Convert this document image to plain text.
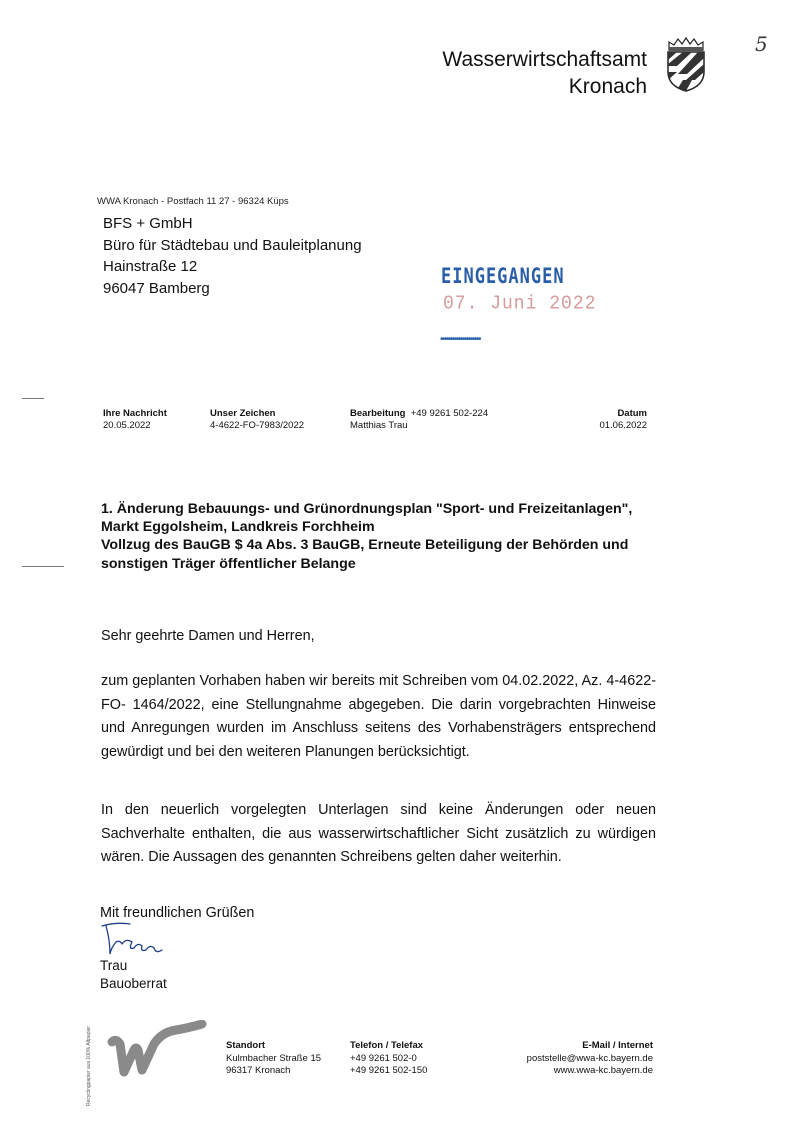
Wasserwirtschaftsamt
Kronach
5
WWA Kronach - Postfach 11 27 - 96324 Küps
BFS + GmbH
Büro für Städtebau und Bauleitplanung
Hainstraße 12
96047 Bamberg	EINGEGANGEN
07. Juni 2022
••••••••••••••••••••
Ihre Nachricht
20.05.2022
Unser Zeichen
4-4622-FO-7983/2022
Bearbeitung +49 9261 502-224
Matthias Trau
Datum
01.06.2022
1. Änderung Bebauungs- und Grünordnungsplan "Sport- und Freizeitanlagen",
Markt Eggolsheim, Landkreis Forchheim
Vollzug des BauGB $ 4a Abs. 3 BauGB, Erneute Beteiligung der Behörden und
sonstigen Träger öffentlicher Belange
Sehr geehrte Damen und Herren,
zum geplanten Vorhaben haben wir bereits mit Schreiben vom 04.02.2022, Az. 4-4622-FO- 1464/2022, eine Stellungnahme abgegeben. Die darin vorgebrachten Hinweise und Anregungen wurden im Anschluss seitens des Vorhabensträgers entsprechend gewürdigt und bei den weiteren Planungen berücksichtigt.
In den neuerlich vorgelegten Unterlagen sind keine Änderungen oder neuen Sachverhalte enthalten, die aus wasserwirtschaftlicher Sicht zusätzlich zu würdigen wären. Die Aussagen des genannten Schreibens gelten daher weiterhin.
Mit freundlichen Grüßen
Trau
Bauoberrat
Recyclingpapier aus 100% Altpapier	Standort
Kulmbacher Straße 15
96317 Kronach
Telefon / Telefax
+49 9261 502-0
+49 9261 502-150
E-Mail / Internet
poststelle@wwa-kc.bayern.de
www.wwa-kc.bayern.de
